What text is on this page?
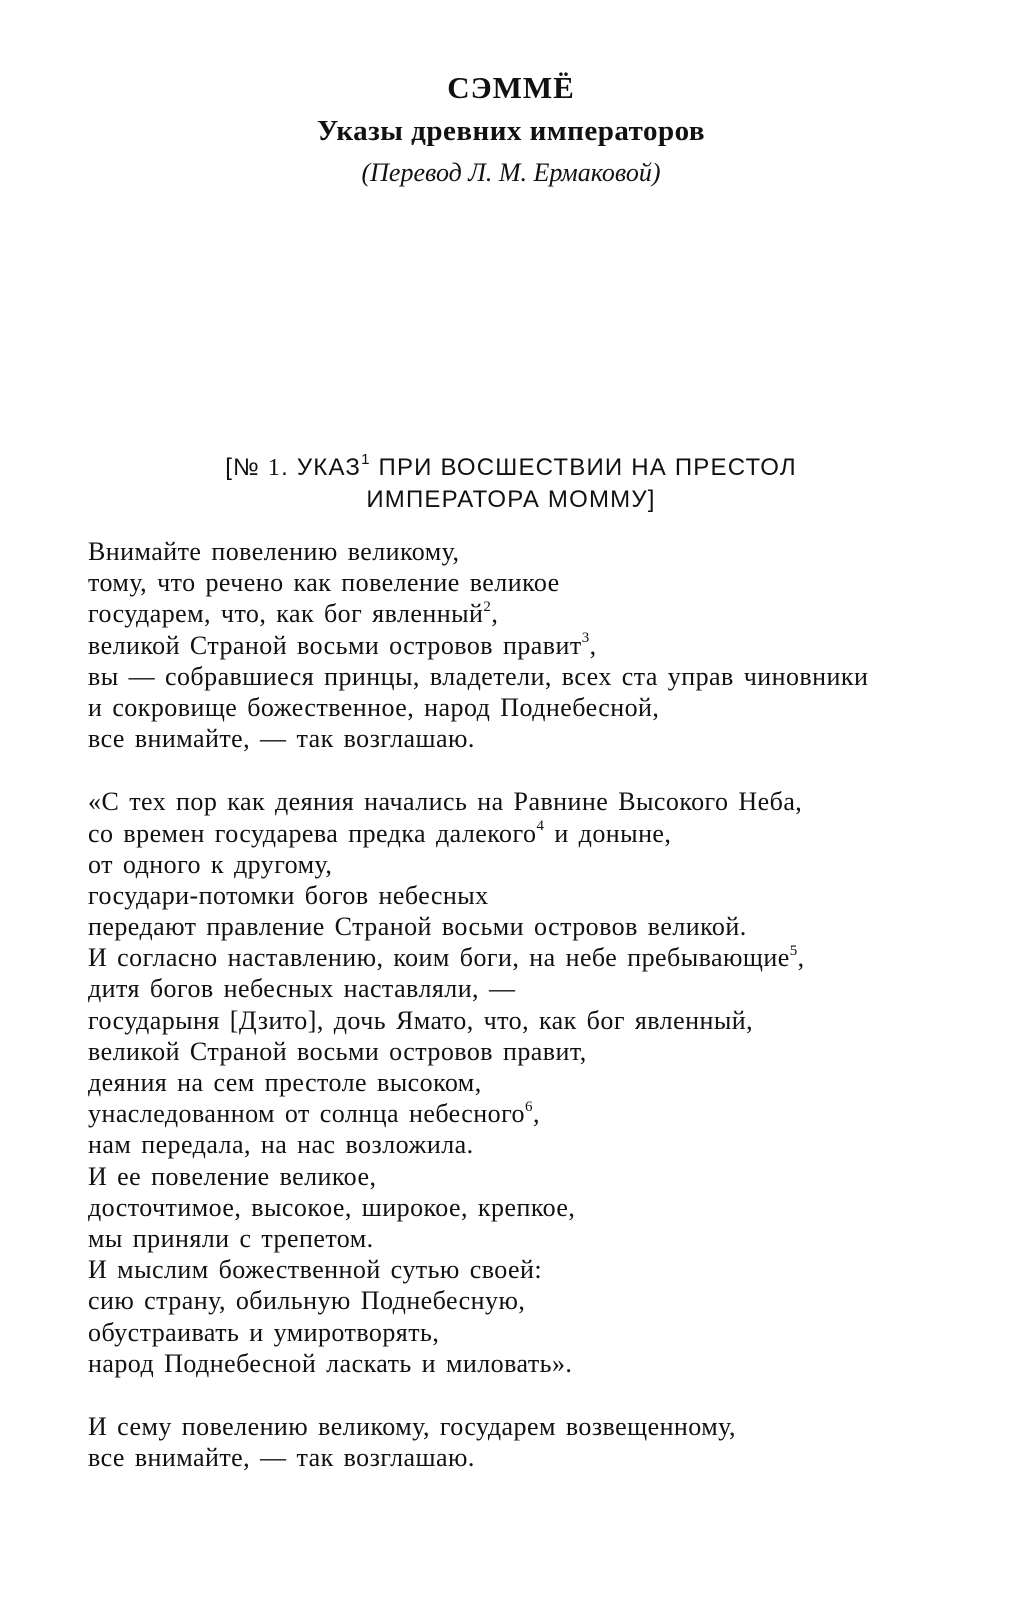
СЭММЁ
Указы древних императоров
(Перевод Л. М. Ермаковой)
[№ 1. УКАЗ$^1$ ПРИ ВОСШЕСТВИИ НА ПРЕСТОЛ
ИМПЕРАТОРА МОММУ]
Внимайте повелению великому,
тому, что речено как повеление великое
государем, что, как бог явленный$^2$,
великой Страной восьми островов правит$^3$,
вы — собравшиеся принцы, владетели, всех ста управ чиновники
и сокровище божественное, народ Поднебесной,
все внимайте, — так возглашаю.
«С тех пор как деяния начались на Равнине Высокого Неба,
со времен государева предка далекого$^4$ и доныне,
от одного к другому,
государи-потомки богов небесных
передают правление Страной восьми островов великой.
И согласно наставлению, коим боги, на небе пребывающие$^5$,
дитя богов небесных наставляли, —
государыня [Дзито], дочь Ямато, что, как бог явленный,
великой Страной восьми островов правит,
деяния на сем престоле высоком,
унаследованном от солнца небесного$^6$,
нам передала, на нас возложила.
И ее повеление великое,
досточтимое, высокое, широкое, крепкое,
мы приняли с трепетом.
И мыслим божественной сутью своей:
сию страну, обильную Поднебесную,
обустраивать и умиротворять,
народ Поднебесной ласкать и миловать».
И сему повелению великому, государем возвещенному,
все внимайте, — так возглашаю.
